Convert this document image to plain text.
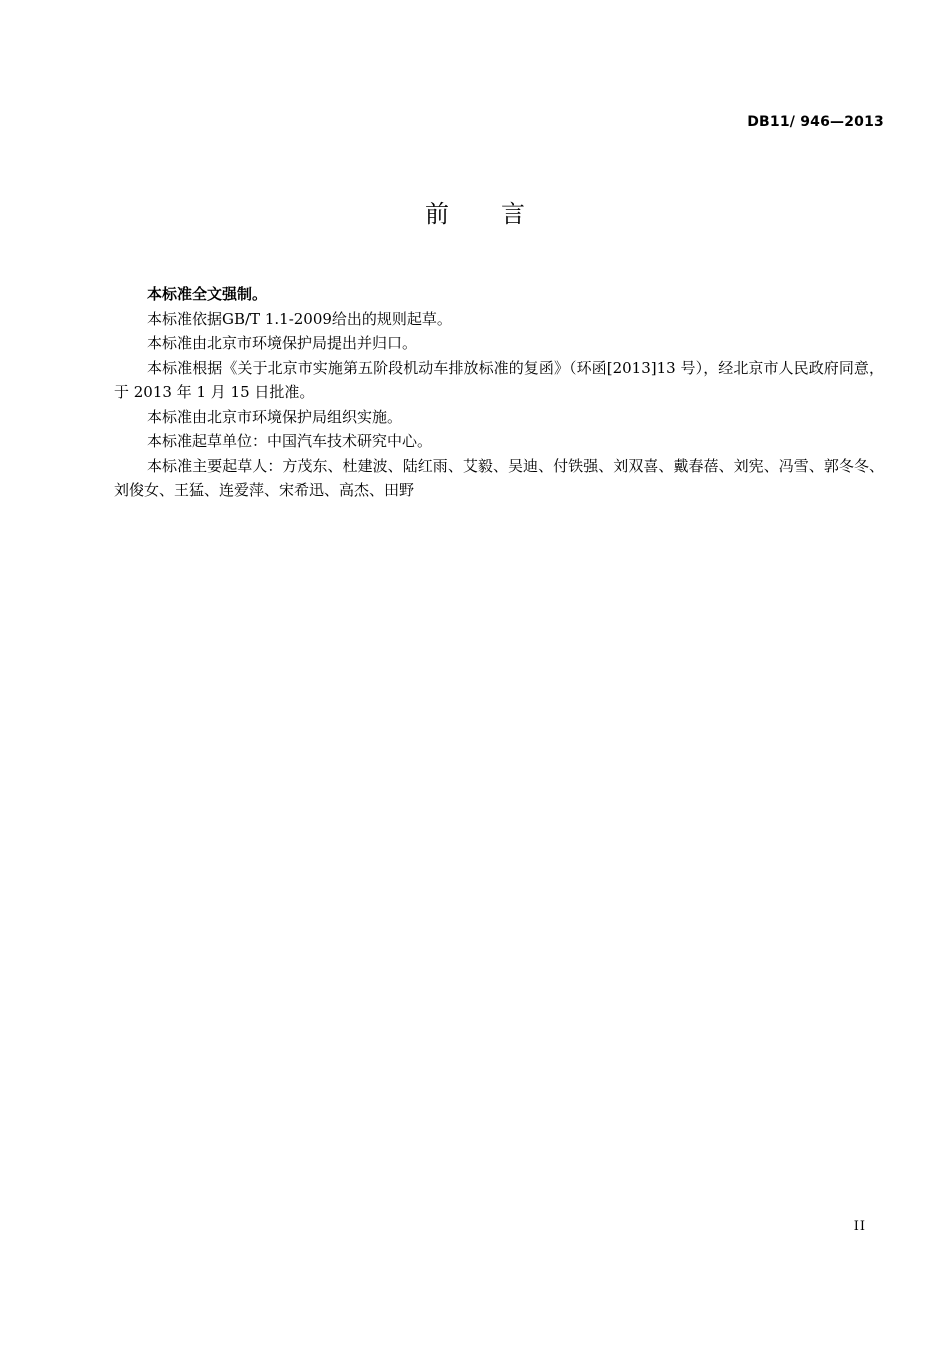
DB11/ 946—2013
前言

本标准全文强制。

本标准依据GB/T 1.1-2009给出的规则起草。

本标准由北京市环境保护局提出并归口。

本标准根据《关于北京市实施第五阶段机动车排放标准的复函》（环函[2013]13 号），经北京市人民政府同意，于 2013 年 1 月 15 日批准。

本标准由北京市环境保护局组织实施。

本标准起草单位：中国汽车技术研究中心。

本标准主要起草人：方茂东、杜建波、陆红雨、艾毅、吴迪、付铁强、刘双喜、戴春蓓、刘宪、冯雪、郭冬冬、刘俊女、王猛、连爱萍、宋希迅、高杰、田野

II
